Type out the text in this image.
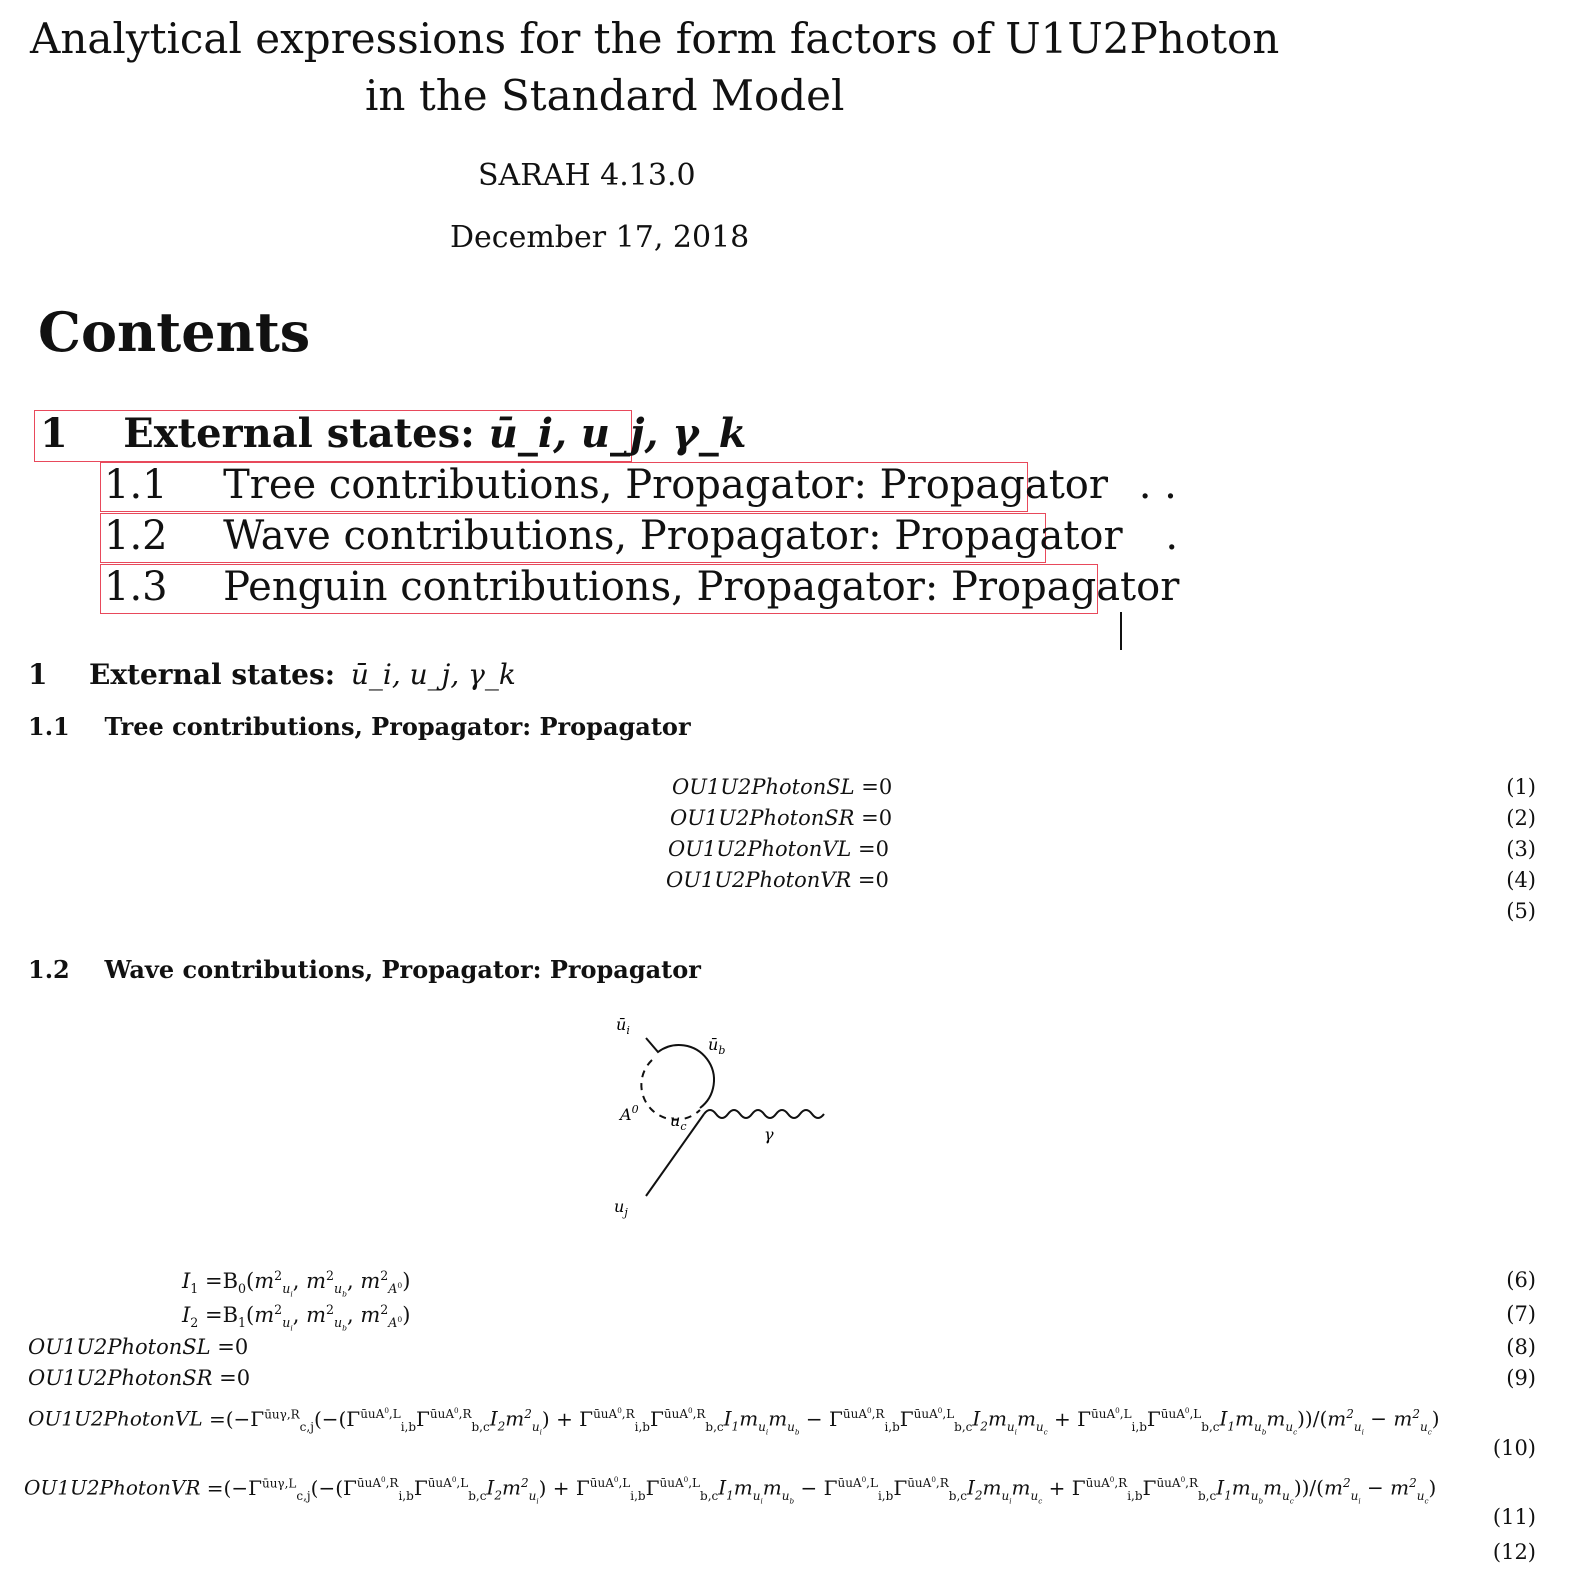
Analytical expressions for the form factors of U1U2Photon
in the Standard Model
SARAH 4.13.0
December 17, 2018
Contents
1 External states: ū_i, u_j, γ_k
1.1 Tree contributions, Propagator: Propagator . .
1.2 Wave contributions, Propagator: Propagator .
1.3 Penguin contributions, Propagator: Propagator
1 External states: ū_i, u_j, γ_k
1.1 Tree contributions, Propagator: Propagator
OU1U2PhotonSL =0	(1)
OU1U2PhotonSR =0	(2)
OU1U2PhotonVL =0	(3)
OU1U2PhotonVR =0	(4)
(5)
1.2 Wave contributions, Propagator: Propagator
$ū_i$
$ū_b$
$A^0$
$u_c$	γ
$u_j$
$I_1 =B_0(m^2_{u_i}$, $m^2_{u_b}$, $m^2_{A^0}$)	(6)
$I_2 =B_1(m^2_{u_i}$, $m^2_{u_b}$, $m^2_{A^0}$)	(7)
OU1U2PhotonSL =0	(8)
OU1U2PhotonSR =0	(9)
OU1U2PhotonVL $=(-\Gamma^{ūu\gamma,R}_{c,j}(-(\Gamma^{ūuA^0,L}_{i,b}\Gamma^{ūuA^0,R}_{b,c}I_2m^2_{u_i}) + \Gamma^{ūuA^0,R}_{i,b}\Gamma^{ūuA^0,R}_{b,c}I_1m_{u_i}m_{u_b} - \Gamma^{ūuA^0,R}_{i,b}\Gamma^{ūuA^0,L}_{b,c}I_2m_{u_i}m_{u_c} + \Gamma^{ūuA^0,L}_{i,b}\Gamma^{ūuA^0,L}_{b,c}I_1m_{u_b}m_{u_c}))/(m^2_{u_i} - m^2_{u_c})$
(10)
OU1U2PhotonVR $=(-\Gamma^{ūu\gamma,L}_{c,j}(-(\Gamma^{ūuA^0,R}_{i,b}\Gamma^{ūuA^0,L}_{b,c}I_2m^2_{u_i}) + \Gamma^{ūuA^0,L}_{i,b}\Gamma^{ūuA^0,L}_{b,c}I_1m_{u_i}m_{u_b} - \Gamma^{ūuA^0,L}_{i,b}\Gamma^{ūuA^0,R}_{b,c}I_2m_{u_i}m_{u_c} + \Gamma^{ūuA^0,R}_{i,b}\Gamma^{ūuA^0,R}_{b,c}I_1m_{u_b}m_{u_c}))/(m^2_{u_i} - m^2_{u_c})$
(11)
(12)
